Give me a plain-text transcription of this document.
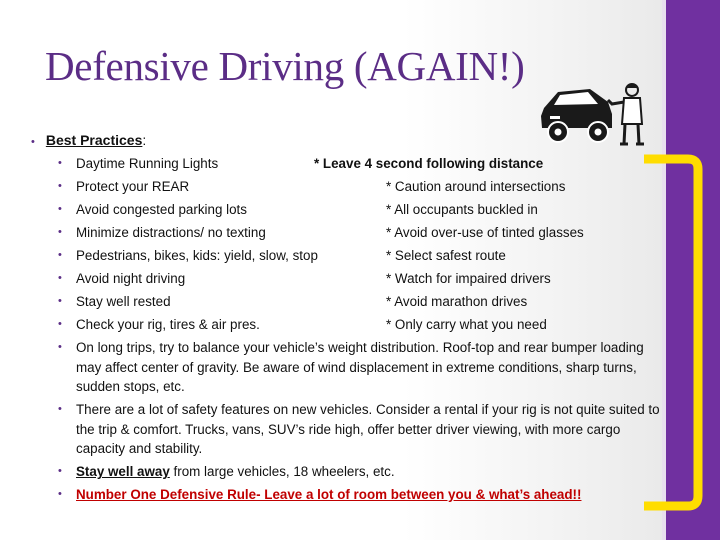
Defensive Driving (AGAIN!)
• Best Practices:
• Daytime Running Lights	* Leave 4 second following distance
• Protect your REAR	* Caution around intersections
• Avoid congested parking lots	* All occupants buckled in
• Minimize distractions/ no texting	* Avoid over-use of tinted glasses
• Pedestrians, bikes, kids: yield, slow, stop	* Select safest route
• Avoid night driving	* Watch for impaired drivers
• Stay well rested	* Avoid marathon drives
• Check your rig, tires & air pres.	* Only carry what you need
• On long trips, try to balance your vehicle’s weight distribution. Roof-top and rear bumper loading may affect center of gravity. Be aware of wind displacement in extreme conditions, sharp turns, sudden stops, etc.
• There are a lot of safety features on new vehicles. Consider a rental if your rig is not quite suited to the trip & comfort. Trucks, vans, SUV’s ride high, offer better driver viewing, with more cargo capacity and stability.
• Stay well away from large vehicles, 18 wheelers, etc.
• Number One Defensive Rule- Leave a lot of room between you & what’s ahead!!
